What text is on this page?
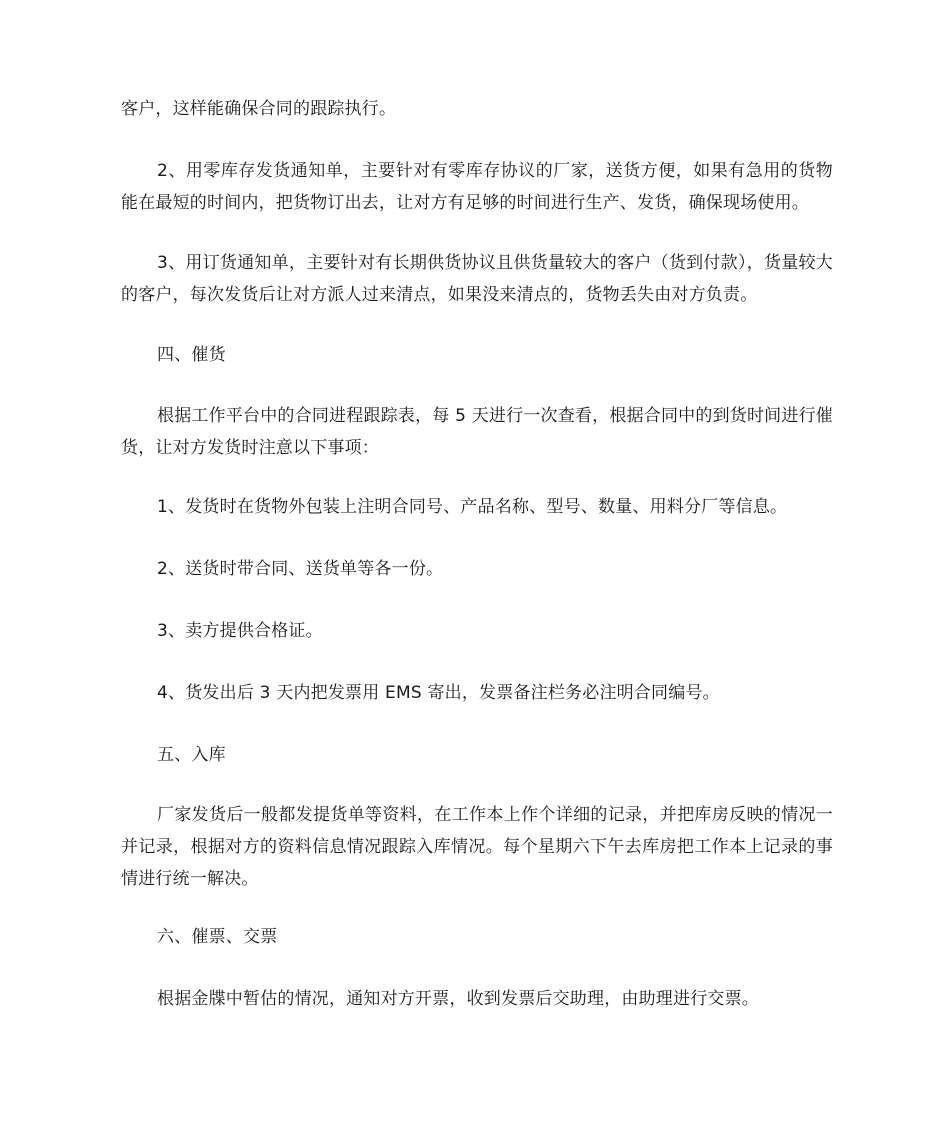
客户，这样能确保合同的跟踪执行。

2、用零库存发货通知单，主要针对有零库存协议的厂家，送货方便，如果有急用的货物能在最短的时间内，把货物订出去，让对方有足够的时间进行生产、发货，确保现场使用。

3、用订货通知单，主要针对有长期供货协议且供货量较大的客户（货到付款），货量较大的客户，每次发货后让对方派人过来清点，如果没来清点的，货物丢失由对方负责。

四、催货

根据工作平台中的合同进程跟踪表，每 5 天进行一次查看，根据合同中的到货时间进行催货，让对方发货时注意以下事项：

1、发货时在货物外包装上注明合同号、产品名称、型号、数量、用料分厂等信息。

2、送货时带合同、送货单等各一份。

3、卖方提供合格证。

4、货发出后 3 天内把发票用 EMS 寄出，发票备注栏务必注明合同编号。

五、入库

厂家发货后一般都发提货单等资料，在工作本上作个详细的记录，并把库房反映的情况一并记录，根据对方的资料信息情况跟踪入库情况。每个星期六下午去库房把工作本上记录的事情进行统一解决。

六、催票、交票

根据金牒中暂估的情况，通知对方开票，收到发票后交助理，由助理进行交票。
